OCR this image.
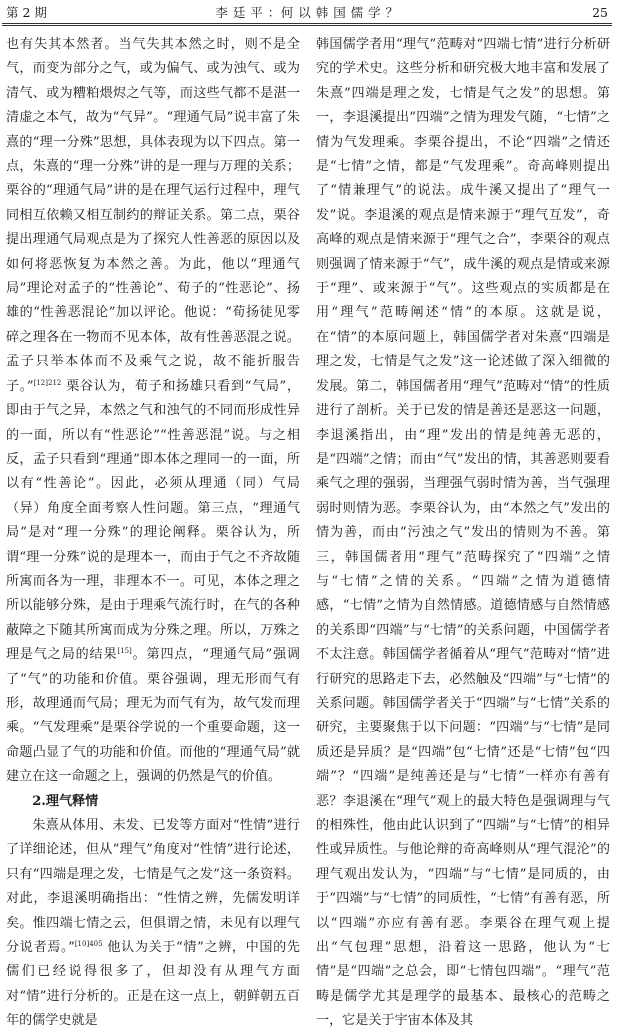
第 2 期	李 廷 平 ：何 以 韩 国 儒 学 ？	25

也有失其本然者。当气失其本然之时，则不是全气，而变为部分之气，或为偏气、或为浊气、或为清气、或为糟粕煨烬之气等，而这些气都不是湛一清虚之本气，故为“气异”。“理通气局”说丰富了朱熹的“理一分殊”思想，具体表现为以下四点。第一点，朱熹的“理一分殊”讲的是一理与万理的关系；栗谷的“理通气局”讲的是在理气运行过程中，理气同相互依赖又相互制约的辩证关系。第二点，栗谷提出理通气局观点是为了探究人性善恶的原因以及如何将恶恢复为本然之善。为此，他以“理通气局”理论对孟子的“性善论”、荀子的“性恶论”、扬雄的“性善恶混论”加以评论。他说：“荀扬徒见零碎之理各在一物而不见本体，故有性善恶混之说。孟子只举本体而不及乘气之说，故不能折服告子。”$^{[12]212}$ 栗谷认为，荀子和扬雄只看到“气局”，即由于气之异，本然之气和浊气的不同而形成性异的一面，所以有“性恶论”“性善恶混”说。与之相反，孟子只看到“理通”即本体之理同一的一面，所以有“性善论”。因此，必须从理通（同）气局（异）角度全面考察人性问题。第三点，“理通气局”是对“理一分殊”的理论阐释。栗谷认为，所谓“理一分殊”说的是理本一，而由于气之不齐故随所寓而各为一理，非理本不一。可见，本体之理之所以能够分殊，是由于理乘气流行时，在气的各种蔽障之下随其所寓而成为分殊之理。所以，万殊之理是气之局的结果[15]。第四点，“理通气局”强调了“气”的功能和价值。栗谷强调，理无形而气有形，故理通而气局；理无为而气有为，故气发而理乘。“气发理乘”是栗谷学说的一个重要命题，这一命题凸显了气的功能和价值。而他的“理通气局”就建立在这一命题之上，强调的仍然是气的价值。

2.理气释情

朱熹从体用、未发、已发等方面对“性情”进行了详细论述，但从“理气”角度对“性情”进行论述，只有“四端是理之发，七情是气之发”这一条资料。对此，李退溪明确指出：“性情之辨，先儒发明详矣。惟四端七情之云，但俱谓之情，未见有以理气分说者焉。”$^{[10]405}$ 他认为关于“情”之辨，中国的先儒们已经说得很多了，但却没有从理气方面对“情”进行分析的。正是在这一点上，朝鲜朝五百年的儒学史就是

韩国儒学者用“理气”范畴对“四端七情”进行分析研究的学术史。这些分析和研究极大地丰富和发展了朱熹“四端是理之发，七情是气之发”的思想。第一，李退溪提出“四端”之情为理发气随，“七情”之情为气发理乘。李栗谷提出，不论“四端”之情还是“七情”之情，都是“气发理乘”。奇高峰则提出了“情兼理气”的说法。成牛溪又提出了“理气一发”说。李退溪的观点是情来源于“理气互发”，奇高峰的观点是情来源于“理气之合”，李栗谷的观点则强调了情来源于“气”，成牛溪的观点是情或来源于“理”、或来源于“气”。这些观点的实质都是在用“理气”范畴阐述“情”的本原。这就是说，在“情”的本原问题上，韩国儒学者对朱熹“四端是理之发，七情是气之发”这一论述做了深入细微的发展。第二，韩国儒者用“理气”范畴对“情”的性质进行了剖析。关于已发的情是善还是恶这一问题，李退溪指出，由“理”发出的情是纯善无恶的，是“四端”之情；而由“气”发出的情，其善恶则要看乘气之理的强弱，当理强气弱时情为善，当气强理弱时则情为恶。李栗谷认为，由“本然之气”发出的情为善，而由“污浊之气”发出的情则为不善。第三，韩国儒者用“理气”范畴探究了“四端”之情与“七情”之情的关系。“四端”之情为道德情感，“七情”之情为自然情感。道德情感与自然情感的关系即“四端”与“七情”的关系问题，中国儒学者不太注意。韩国儒学者循着从“理气”范畴对“情”进行研究的思路走下去，必然触及“四端”与“七情”的关系问题。韩国儒学者关于“四端”与“七情”关系的研究，主要聚焦于以下问题：“四端”与“七情”是同质还是异质？是“四端”包“七情”还是“七情”包“四端”？“四端”是纯善还是与“七情”一样亦有善有恶？李退溪在“理气”观上的最大特色是强调理与气的相殊性，他由此认识到了“四端”与“七情”的相异性或异质性。与他论辩的奇高峰则从“理气混沦”的理气观出发认为，“四端”与“七情”是同质的，由于“四端”与“七情”的同质性，“七情”有善有恶，所以“四端”亦应有善有恶。李栗谷在理气观上提出“气包理”思想，沿着这一思路，他认为“七情”是“四端”之总会，即“七情包四端”。“理气”范畴是儒学尤其是理学的最基本、最核心的范畴之一，它是关于宇宙本体及其
